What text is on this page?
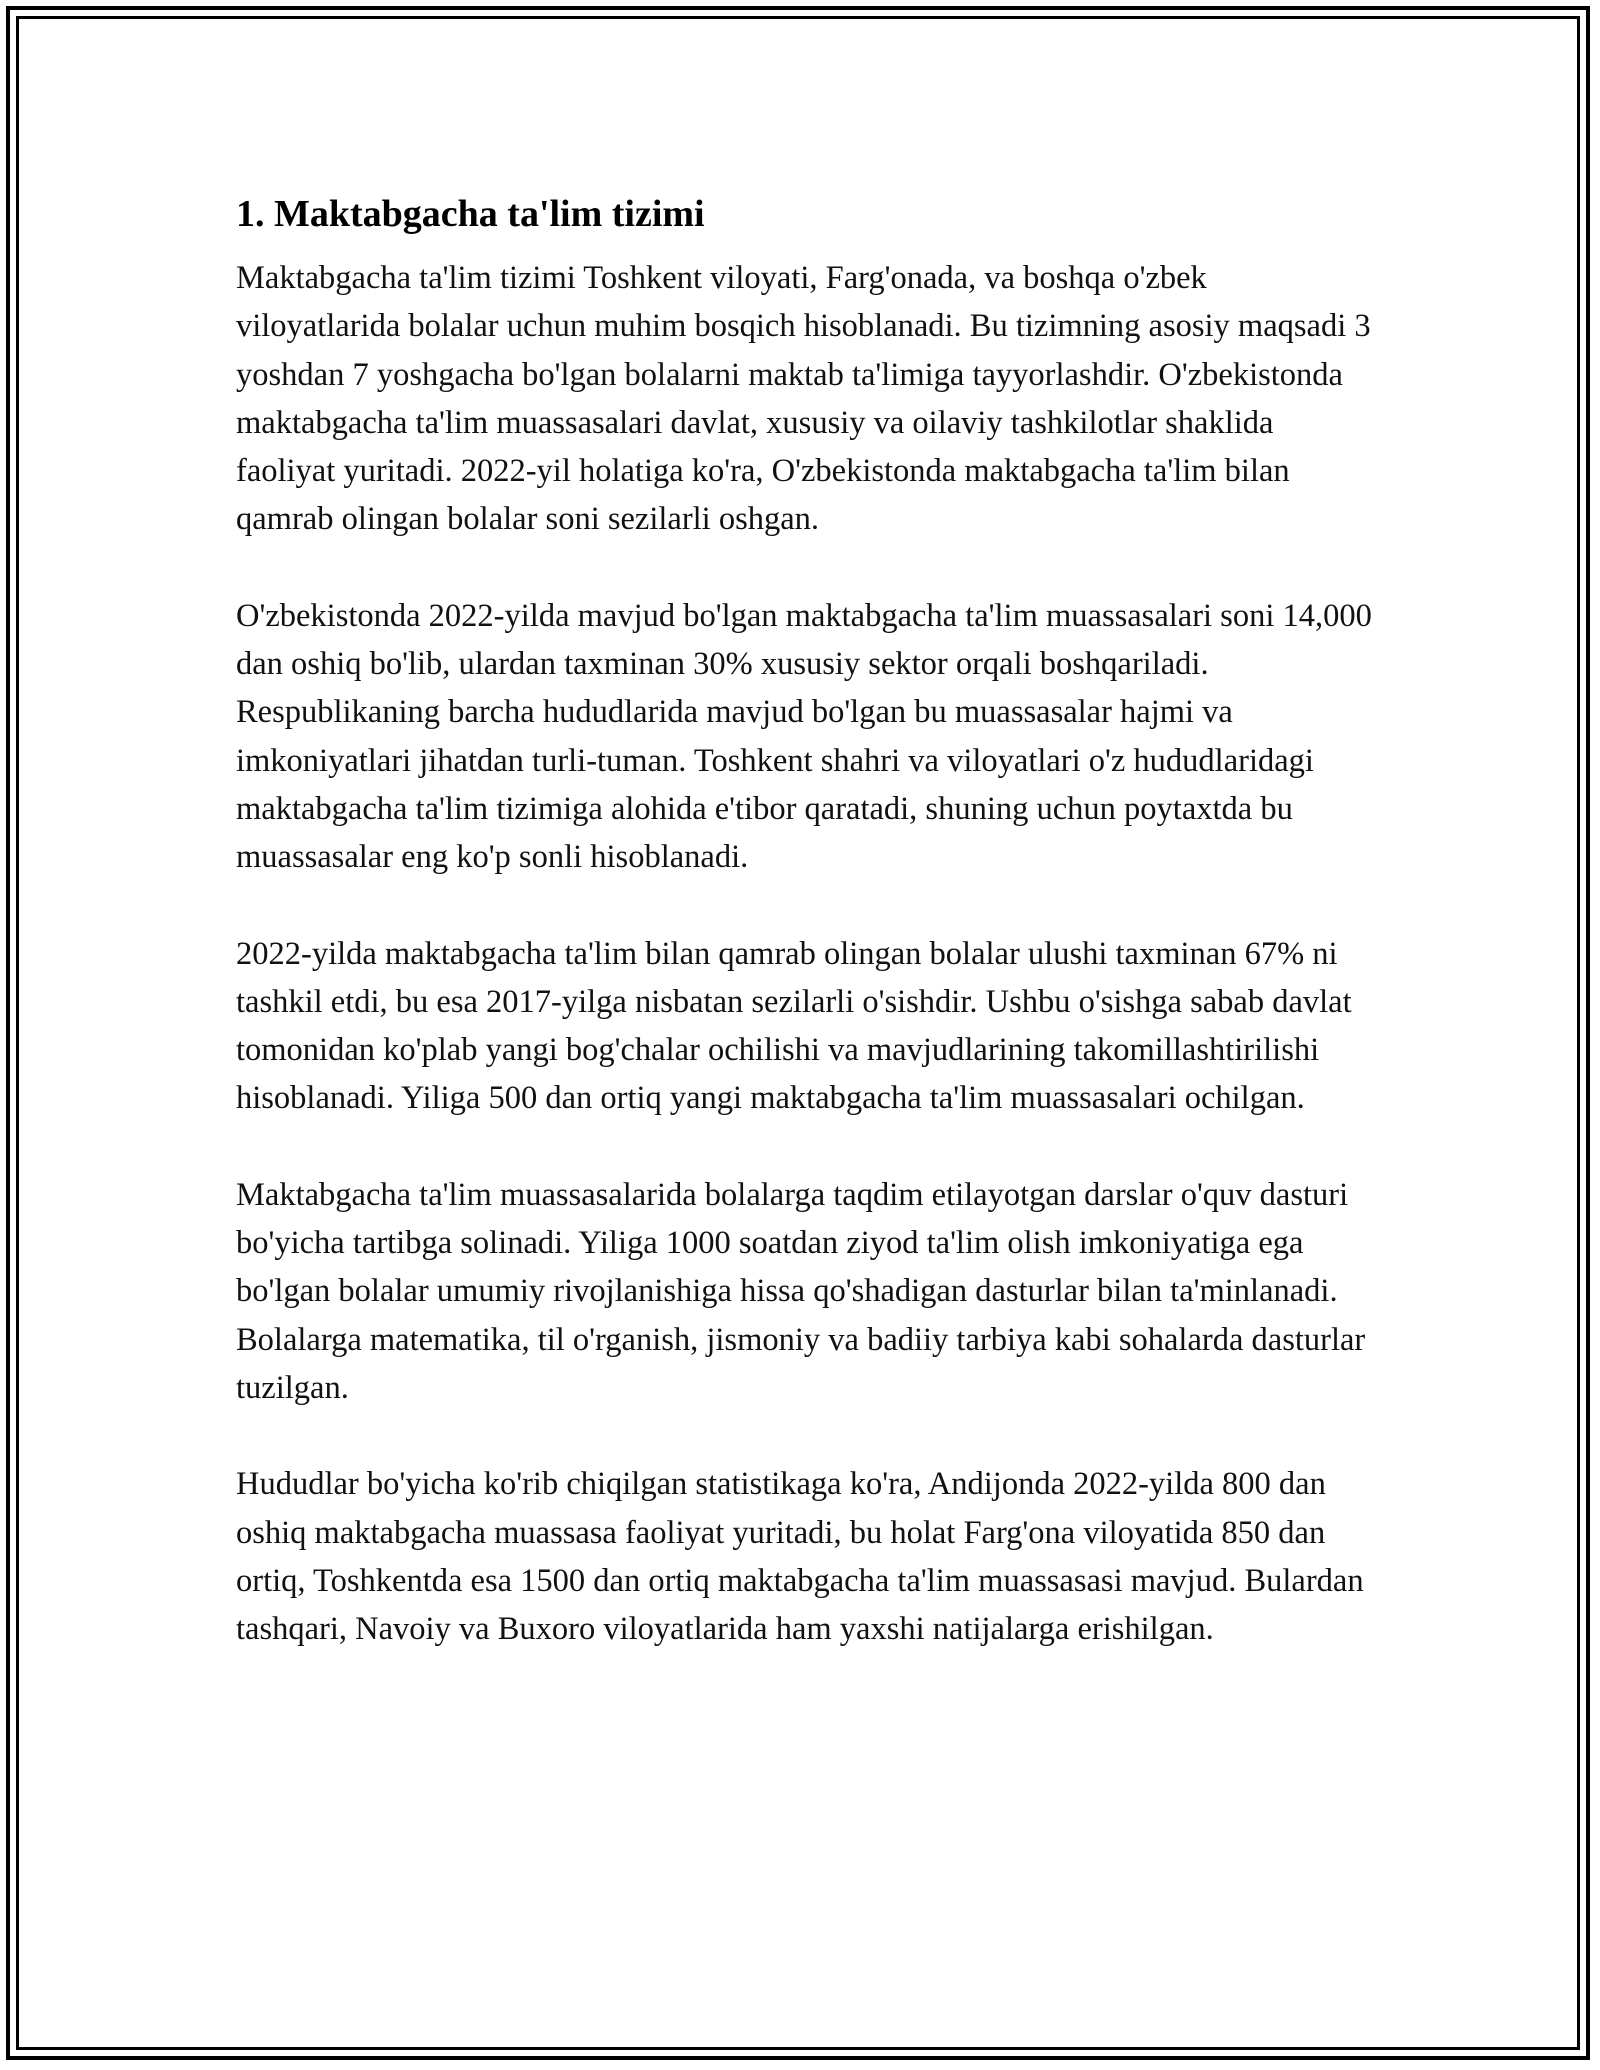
1. Maktabgacha ta'lim tizimi

Maktabgacha ta'lim tizimi Toshkent viloyati, Farg'onada, va boshqa o'zbek viloyatlarida bolalar uchun muhim bosqich hisoblanadi. Bu tizimning asosiy maqsadi 3 yoshdan 7 yoshgacha bo'lgan bolalarni maktab ta'limiga tayyorlashdir. O'zbekistonda maktabgacha ta'lim muassasalari davlat, xususiy va oilaviy tashkilotlar shaklida faoliyat yuritadi. 2022-yil holatiga ko'ra, O'zbekistonda maktabgacha ta'lim bilan qamrab olingan bolalar soni sezilarli oshgan.

O'zbekistonda 2022-yilda mavjud bo'lgan maktabgacha ta'lim muassasalari soni 14,000 dan oshiq bo'lib, ulardan taxminan 30% xususiy sektor orqali boshqariladi. Respublikaning barcha hududlarida mavjud bo'lgan bu muassasalar hajmi va imkoniyatlari jihatdan turli-tuman. Toshkent shahri va viloyatlari o'z hududlaridagi maktabgacha ta'lim tizimiga alohida e'tibor qaratadi, shuning uchun poytaxtda bu muassasalar eng ko'p sonli hisoblanadi.

2022-yilda maktabgacha ta'lim bilan qamrab olingan bolalar ulushi taxminan 67% ni tashkil etdi, bu esa 2017-yilga nisbatan sezilarli o'sishdir. Ushbu o'sishga sabab davlat tomonidan ko'plab yangi bog'chalar ochilishi va mavjudlarining takomillashtirilishi hisoblanadi. Yiliga 500 dan ortiq yangi maktabgacha ta'lim muassasalari ochilgan.

Maktabgacha ta'lim muassasalarida bolalarga taqdim etilayotgan darslar o'quv dasturi bo'yicha tartibga solinadi. Yiliga 1000 soatdan ziyod ta'lim olish imkoniyatiga ega bo'lgan bolalar umumiy rivojlanishiga hissa qo'shadigan dasturlar bilan ta'minlanadi. Bolalarga matematika, til o'rganish, jismoniy va badiiy tarbiya kabi sohalarda dasturlar tuzilgan.

Hududlar bo'yicha ko'rib chiqilgan statistikaga ko'ra, Andijonda 2022-yilda 800 dan oshiq maktabgacha muassasa faoliyat yuritadi, bu holat Farg'ona viloyatida 850 dan ortiq, Toshkentda esa 1500 dan ortiq maktabgacha ta'lim muassasasi mavjud. Bulardan tashqari, Navoiy va Buxoro viloyatlarida ham yaxshi natijalarga erishilgan.
